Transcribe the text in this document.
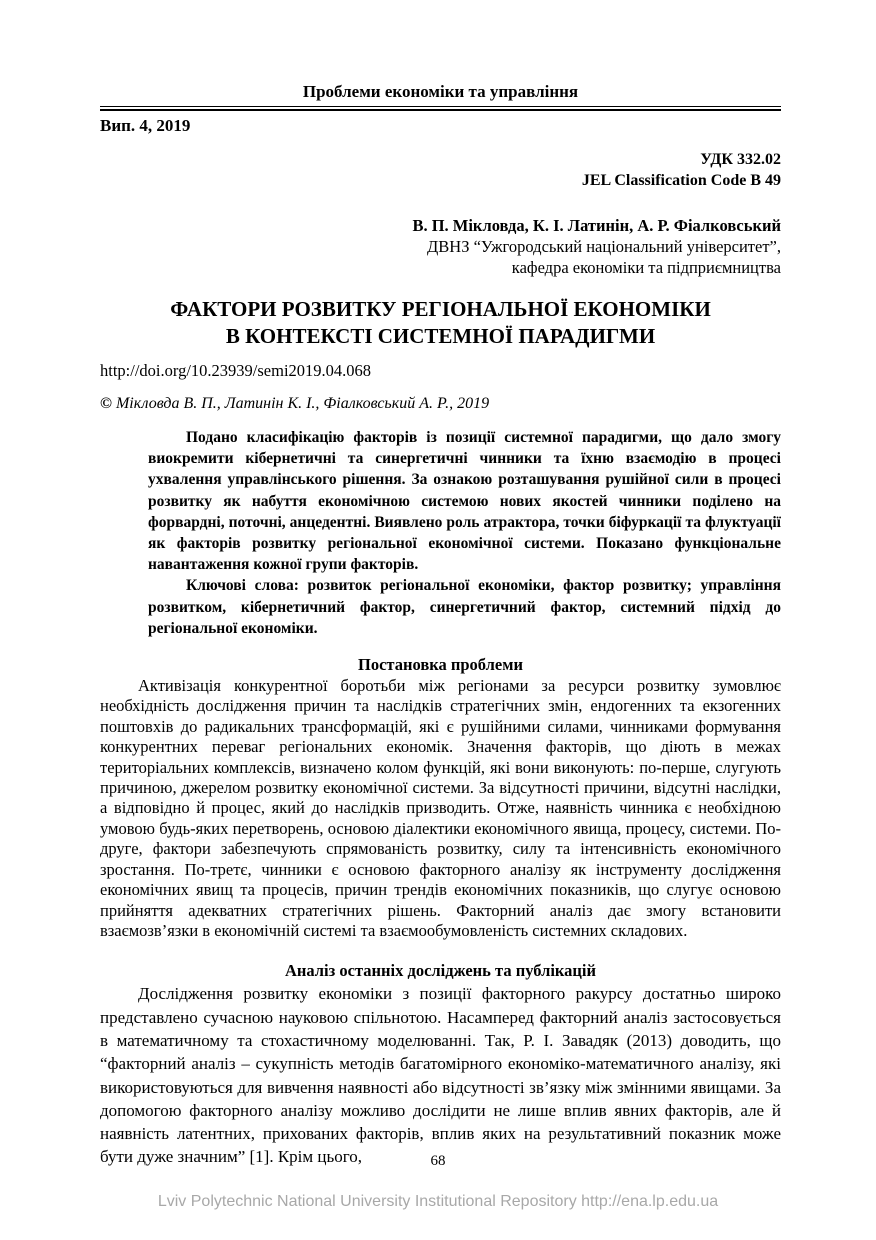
Проблеми економіки та управління
Вип. 4, 2019
УДК 332.02
JEL Classification Code B 49
В. П. Мікловда, К. І. Латинін, А. Р. Фіалковський
ДВНЗ “Ужгородський національний університет”,
кафедра економіки та підприємництва
ФАКТОРИ РОЗВИТКУ РЕГІОНАЛЬНОЇ ЕКОНОМІКИ
В КОНТЕКСТІ СИСТЕМНОЇ ПАРАДИГМИ
http://doi.org/10.23939/semi2019.04.068
© Мікловда В. П., Латинін К. І., Фіалковський А. Р., 2019

Подано класифікацію факторів із позиції системної парадигми, що дало змогу виокремити кібернетичні та синергетичні чинники та їхню взаємодію в процесі ухвалення управлінського рішення. За ознакою розташування рушійної сили в процесі розвитку як набуття економічною системою нових якостей чинники поділено на форвардні, поточні, анцедентні. Виявлено роль атрактора, точки біфуркації та флуктуації як факторів розвитку регіональної економічної системи. Показано функціональне навантаження кожної групи факторів.

Ключові слова: розвиток регіональної економіки, фактор розвитку; управління розвитком, кібернетичний фактор, синергетичний фактор, системний підхід до регіональної економіки.

Постановка проблеми

Активізація конкурентної боротьби між регіонами за ресурси розвитку зумовлює необхідність дослідження причин та наслідків стратегічних змін, ендогенних та екзогенних поштовхів до радикальних трансформацій, які є рушійними силами, чинниками формування конкурентних переваг регіональних економік. Значення факторів, що діють в межах територіальних комплексів, визначено колом функцій, які вони виконують: по-перше, слугують причиною, джерелом розвитку економічної системи. За відсутності причини, відсутні наслідки, а відповідно й процес, який до наслідків призводить. Отже, наявність чинника є необхідною умовою будь-яких перетворень, основою діалектики економічного явища, процесу, системи. По-друге, фактори забезпечують спрямованість розвитку, силу та інтенсивність економічного зростання. По-третє, чинники є основою факторного аналізу як інструменту дослідження економічних явищ та процесів, причин трендів економічних показників, що слугує основою прийняття адекватних стратегічних рішень. Факторний аналіз дає змогу встановити взаємозв’язки в економічній системі та взаємообумовленість системних складових.

Аналіз останніх досліджень та публікацій

Дослідження розвитку економіки з позиції факторного ракурсу достатньо широко представлено сучасною науковою спільнотою. Насамперед факторний аналіз застосовується в математичному та стохастичному моделюванні. Так, Р. І. Завадяк (2013) доводить, що “факторний аналіз – сукупність методів багатомірного економіко-математичного аналізу, які використовуються для вивчення наявності або відсутності зв’язку між змінними явищами. За допомогою факторного аналізу можливо дослідити не лише вплив явних факторів, але й наявність латентних, прихованих факторів, вплив яких на результативний показник може бути дуже значним” [1]. Крім цього,	68
Lviv Polytechnic National University Institutional Repository http://ena.lp.edu.ua
